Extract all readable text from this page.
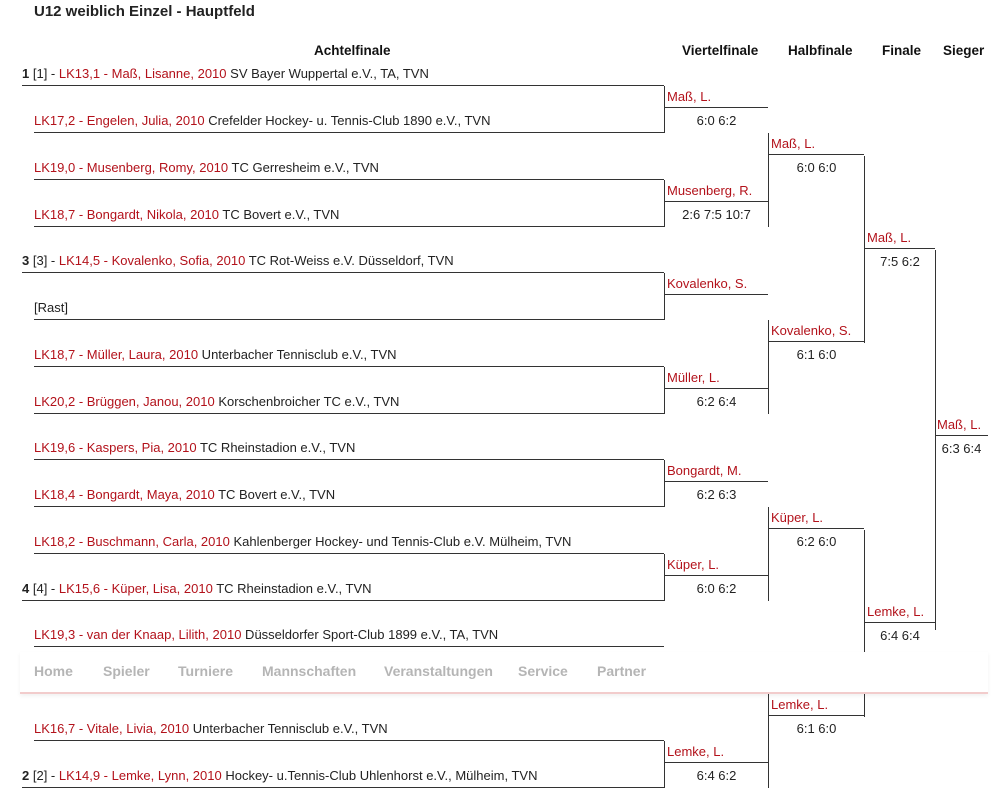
U12 weiblich Einzel - Hauptfeld
Achtelfinale	Viertelfinale Halbfinale Finale Sieger
1 [1] - LK13,1 - Maß, Lisanne, 2010 SV Bayer Wuppertal e.V., TA, TVN
LK17,2 - Engelen, Julia, 2010 Crefelder Hockey- u. Tennis-Club 1890 e.V., TVN
LK19,0 - Musenberg, Romy, 2010 TC Gerresheim e.V., TVN
LK18,7 - Bongardt, Nikola, 2010 TC Bovert e.V., TVN
3 [3] - LK14,5 - Kovalenko, Sofia, 2010 TC Rot-Weiss e.V. Düsseldorf, TVN
[Rast]
LK18,7 - Müller, Laura, 2010 Unterbacher Tennisclub e.V., TVN
LK20,2 - Brüggen, Janou, 2010 Korschenbroicher TC e.V., TVN
LK19,6 - Kaspers, Pia, 2010 TC Rheinstadion e.V., TVN
LK18,4 - Bongardt, Maya, 2010 TC Bovert e.V., TVN
LK18,2 - Buschmann, Carla, 2010 Kahlenberger Hockey- und Tennis-Club e.V. Mülheim, TVN
4 [4] - LK15,6 - Küper, Lisa, 2010 TC Rheinstadion e.V., TVN
LK19,3 - van der Knaap, Lilith, 2010 Düsseldorfer Sport-Club 1899 e.V., TA, TVN
LK16,7 - Vitale, Livia, 2010 Unterbacher Tennisclub e.V., TVN
2 [2] - LK14,9 - Lemke, Lynn, 2010 Hockey- u.Tennis-Club Uhlenhorst e.V., Mülheim, TVN
Maß, L.
6:0 6:2
Musenberg, R.
2:6 7:5 10:7
Kovalenko, S.
Müller, L.
6:2 6:4
Bongardt, M.
6:2 6:3
Küper, L.
6:0 6:2
Lemke, L.
6:4 6:2
Maß, L.
6:0 6:0
Kovalenko, S.
6:1 6:0
Küper, L.
6:2 6:0
Lemke, L.
6:1 6:0
Maß, L.
7:5 6:2
Lemke, L.
6:4 6:4
Maß, L.
6:3 6:4
Home Spieler Turniere Mannschaften Veranstaltungen Service Partner
